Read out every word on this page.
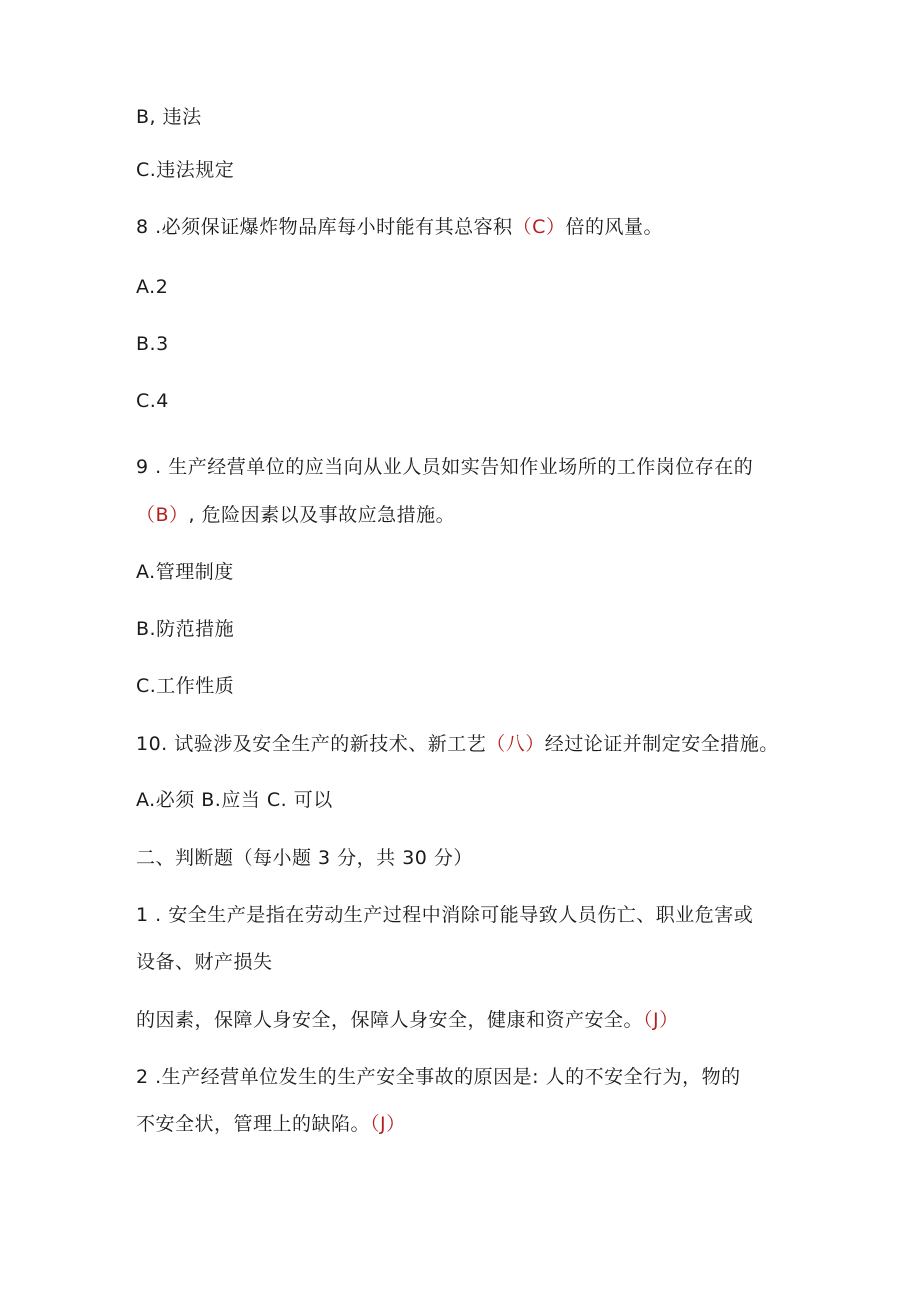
B, 违法
C.违法规定
8 .必须保证爆炸物品库每小时能有其总容积（C）倍的风量。
A.2
B.3
C.4
9 . 生产经营单位的应当向从业人员如实告知作业场所的工作岗位存在的
（B）, 危险因素以及事故应急措施。
A.管理制度
B.防范措施
C.工作性质
10. 试验涉及安全生产的新技术、新工艺（八）经过论证并制定安全措施。
A.必须 B.应当 C. 可以
二、判断题（每小题 3 分，共 30 分）
1 . 安全生产是指在劳动生产过程中消除可能导致人员伤亡、职业危害或
设备、财产损失
的因素，保障人身安全，保障人身安全，健康和资产安全。（J）
2 .生产经营单位发生的生产安全事故的原因是: 人的不安全行为，物的
不安全状，管理上的缺陷。（J）
